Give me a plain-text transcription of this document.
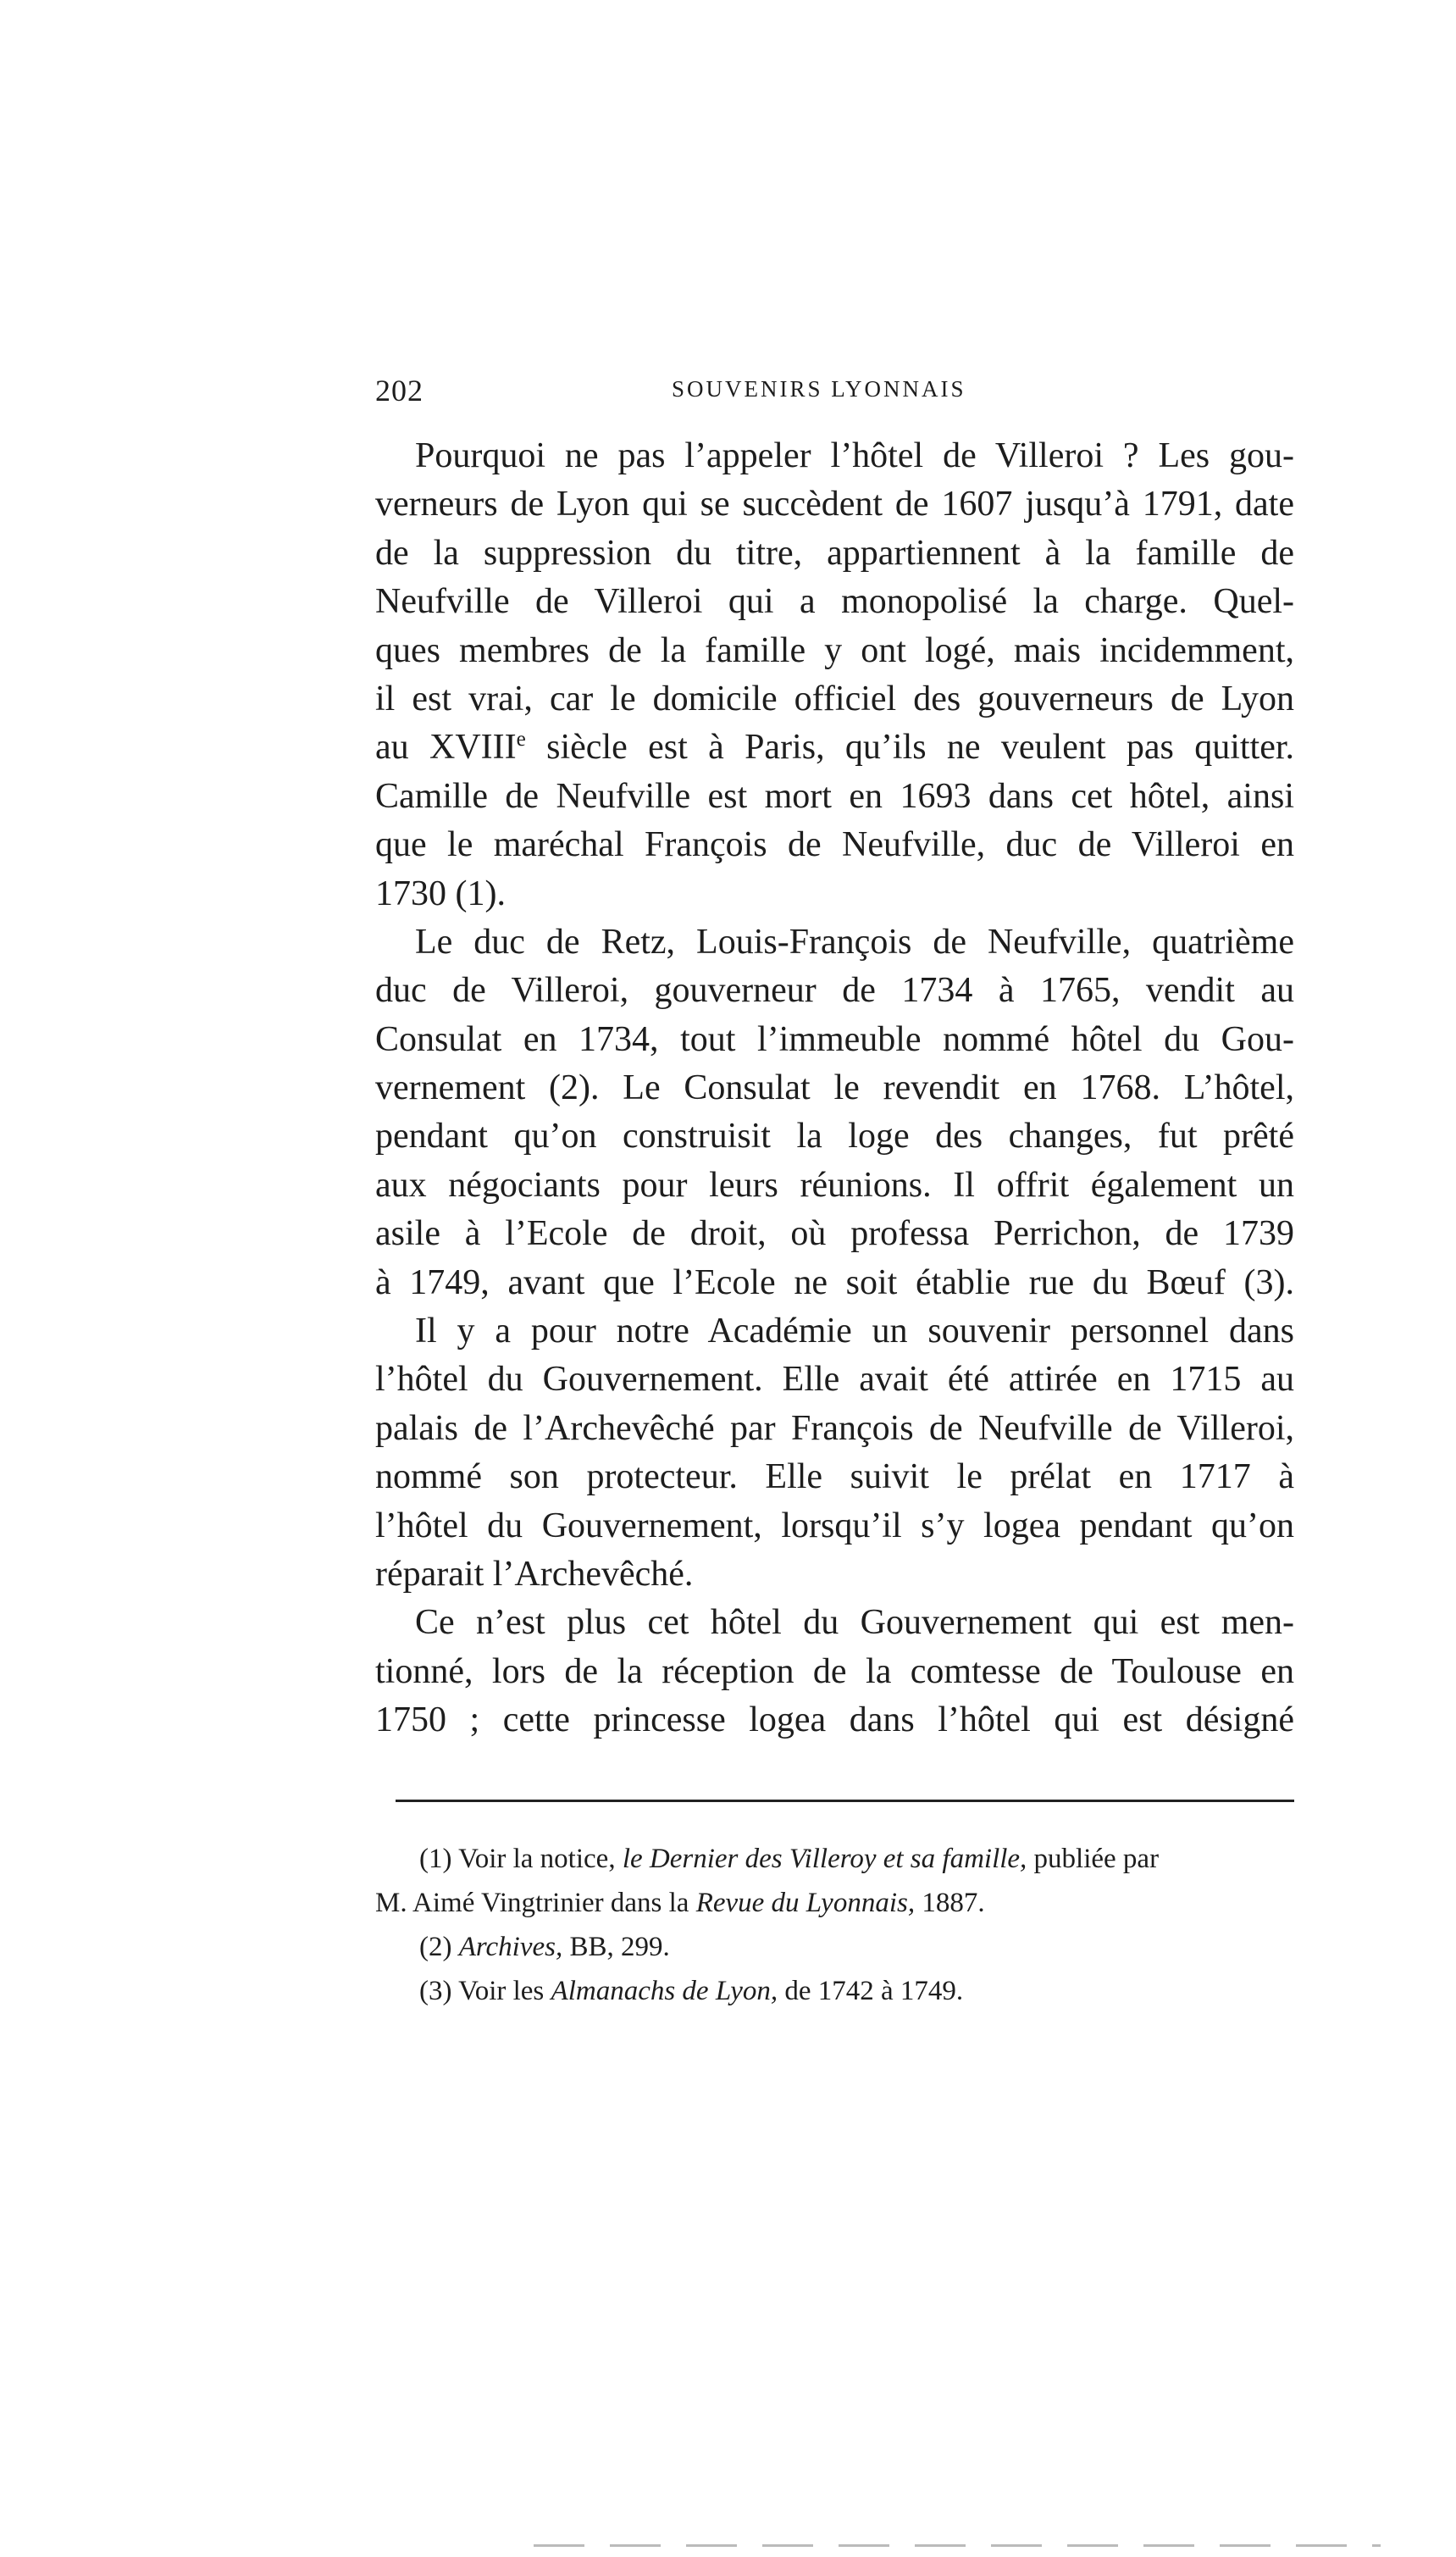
202	SOUVENIRS LYONNAIS
Pourquoi ne pas l’appeler l’hôtel de Villeroi ? Les gou-
verneurs de Lyon qui se succèdent de 1607 jusqu’à 1791, date
de la suppression du titre, appartiennent à la famille de
Neufville de Villeroi qui a monopolisé la charge. Quel-
ques membres de la famille y ont logé, mais incidemment,
il est vrai, car le domicile officiel des gouverneurs de Lyon
au XVIIIe siècle est à Paris, qu’ils ne veulent pas quitter.
Camille de Neufville est mort en 1693 dans cet hôtel, ainsi
que le maréchal François de Neufville, duc de Villeroi en
1730 (1).
Le duc de Retz, Louis-François de Neufville, quatrième
duc de Villeroi, gouverneur de 1734 à 1765, vendit au
Consulat en 1734, tout l’immeuble nommé hôtel du Gou-
vernement (2). Le Consulat le revendit en 1768. L’hôtel,
pendant qu’on construisit la loge des changes, fut prêté
aux négociants pour leurs réunions. Il offrit également un
asile à l’Ecole de droit, où professa Perrichon, de 1739
à 1749, avant que l’Ecole ne soit établie rue du Bœuf (3).
Il y a pour notre Académie un souvenir personnel dans
l’hôtel du Gouvernement. Elle avait été attirée en 1715 au
palais de l’Archevêché par François de Neufville de Villeroi,
nommé son protecteur. Elle suivit le prélat en 1717 à
l’hôtel du Gouvernement, lorsqu’il s’y logea pendant qu’on
réparait l’Archevêché.
Ce n’est plus cet hôtel du Gouvernement qui est men-
tionné, lors de la réception de la comtesse de Toulouse en
1750 ; cette princesse logea dans l’hôtel qui est désigné
(1) Voir la notice, le Dernier des Villeroy et sa famille, publiée par
M. Aimé Vingtrinier dans la Revue du Lyonnais, 1887.
(2) Archives, BB, 299.
(3) Voir les Almanachs de Lyon, de 1742 à 1749.
